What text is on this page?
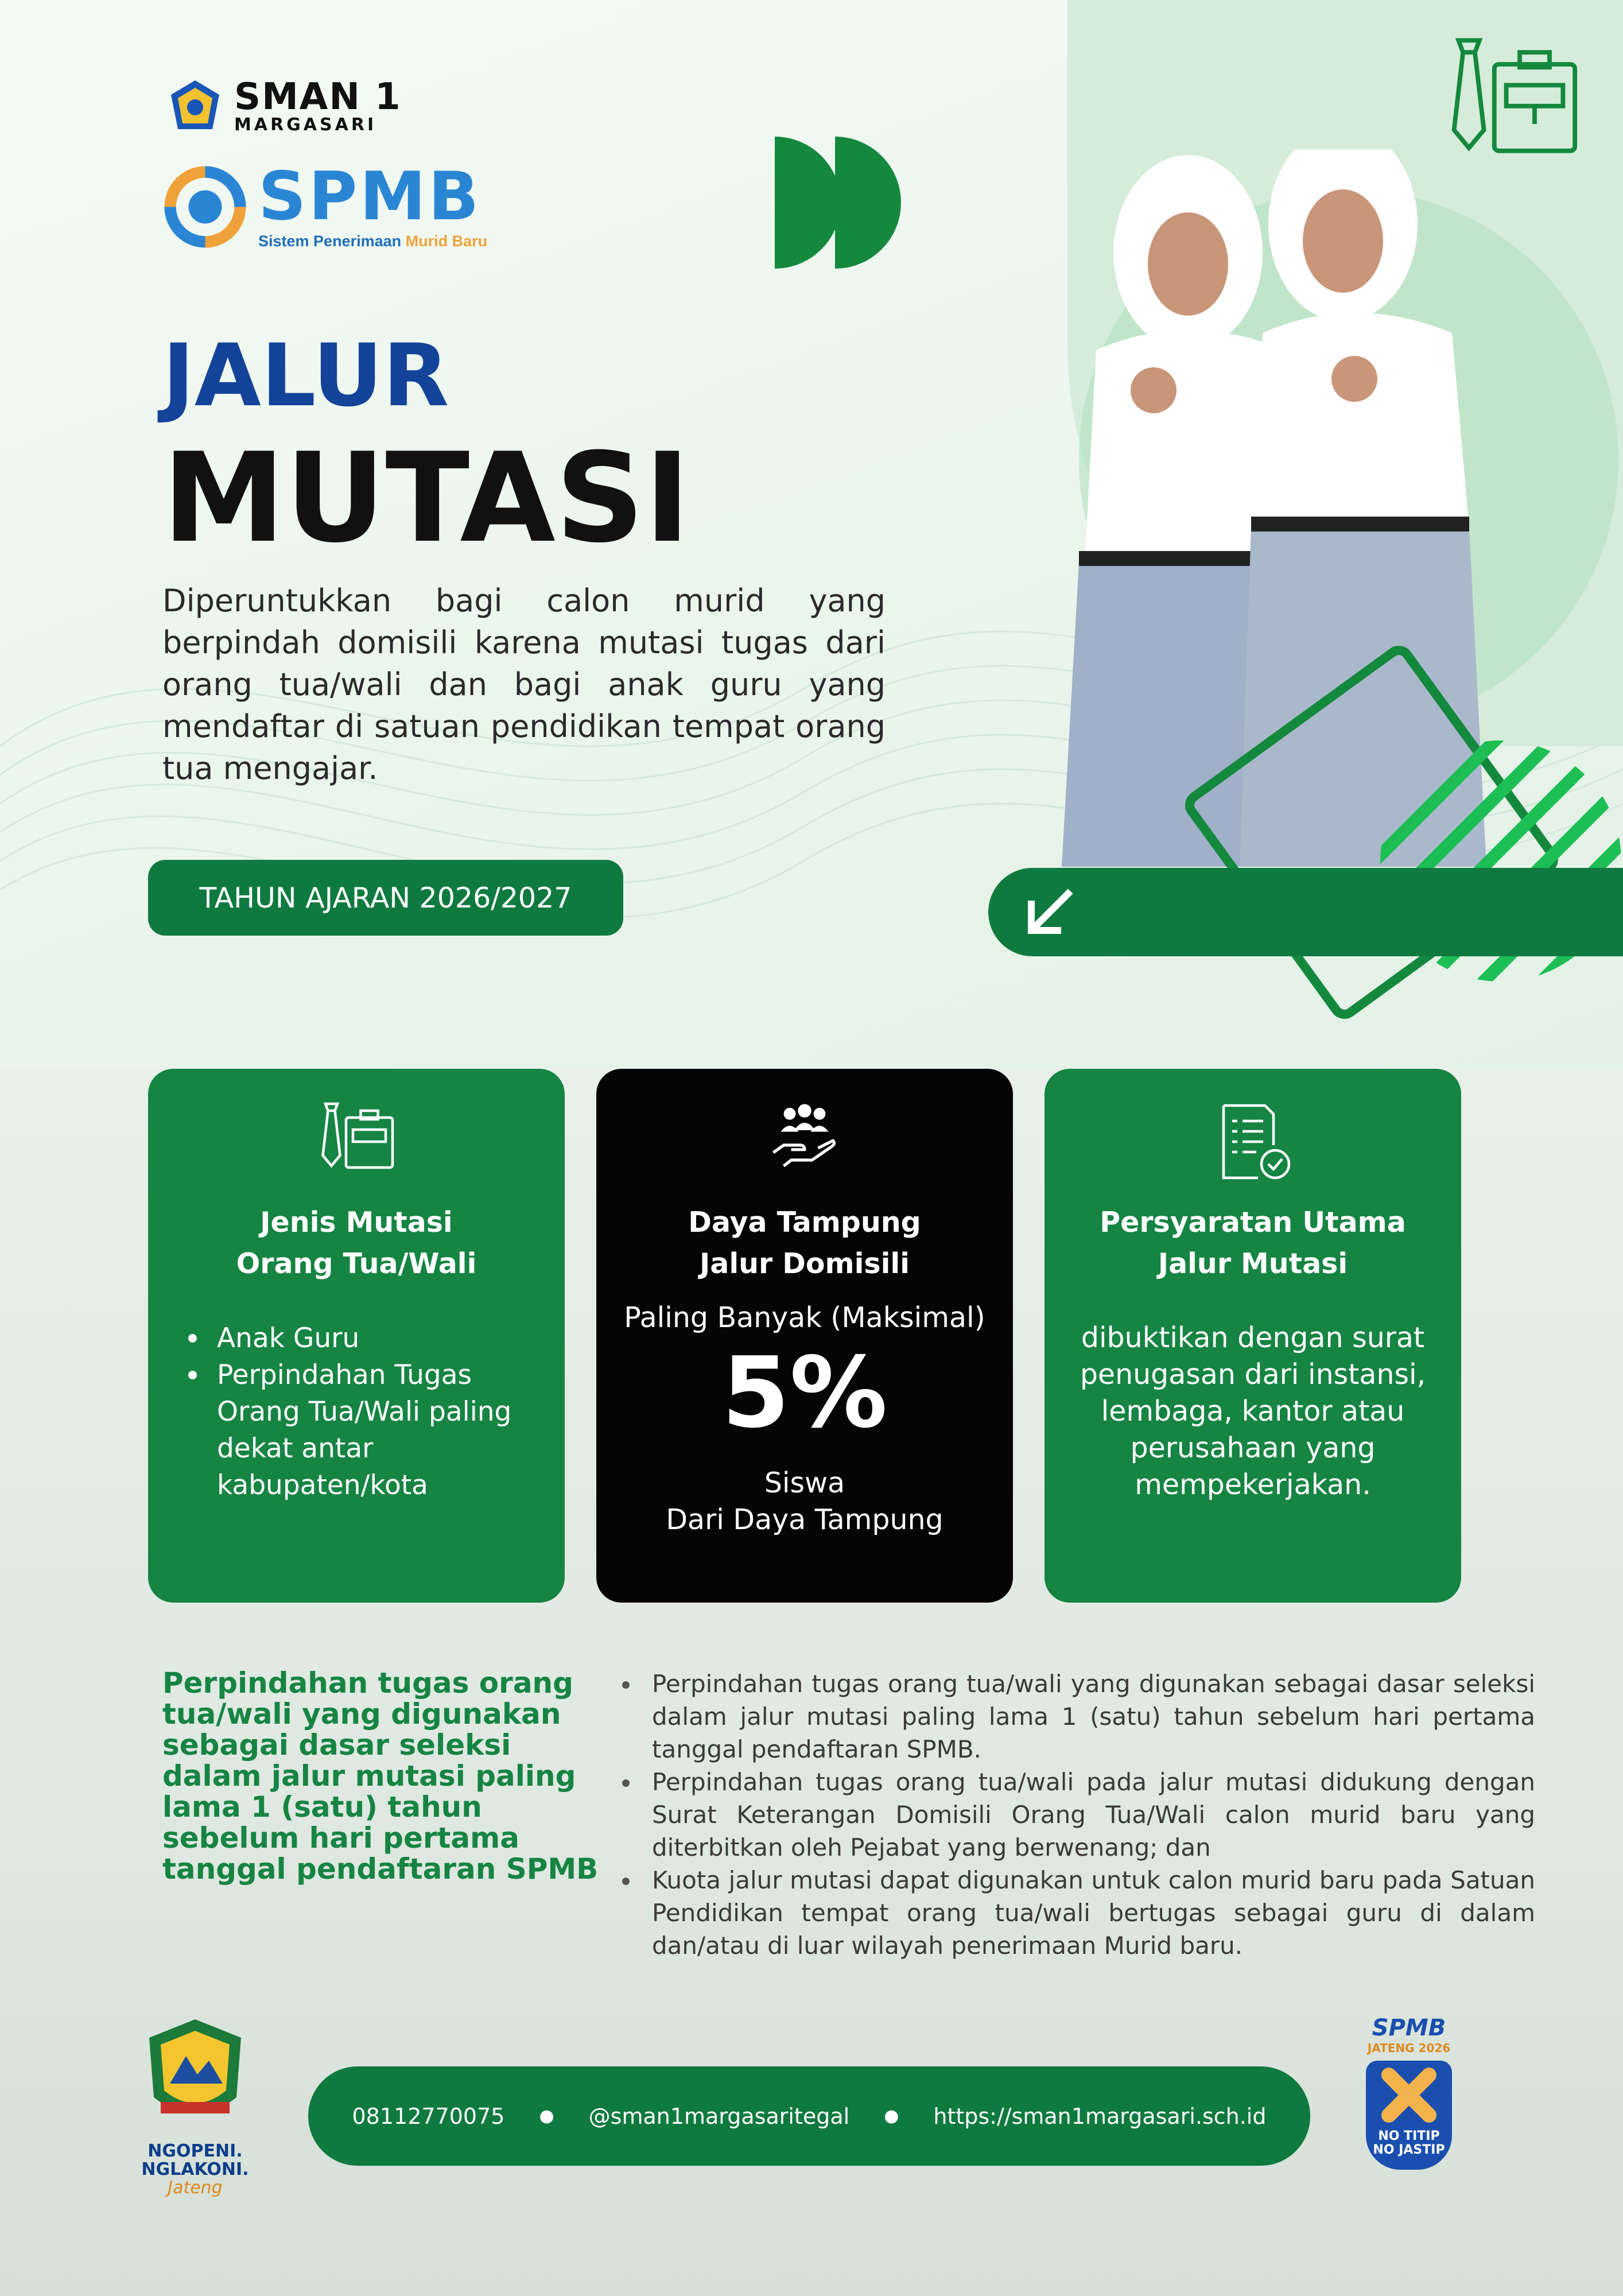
SMAN 1
MARGASARI
SPMB
Sistem Penerimaan Murid Baru
JALUR
MUTASI
Diperuntukkan bagi calon murid yang berpindah domisili karena mutasi tugas dari orang tua/wali dan bagi anak guru yang mendaftar di satuan pendidikan tempat orang tua mengajar.
TAHUN AJARAN 2026/2027
Jenis Mutasi
Orang Tua/Wali
Anak Guru
Perpindahan Tugas Orang Tua/Wali paling dekat antar kabupaten/kota
Daya Tampung
Jalur Domisili
Paling Banyak (Maksimal)
5%
Siswa
Dari Daya Tampung
Persyaratan Utama
Jalur Mutasi
dibuktikan dengan surat penugasan dari instansi, lembaga, kantor atau perusahaan yang mempekerjakan.
Perpindahan tugas orang tua/wali yang digunakan sebagai dasar seleksi dalam jalur mutasi paling lama 1 (satu) tahun sebelum hari pertama tanggal pendaftaran SPMB
Perpindahan tugas orang tua/wali yang digunakan sebagai dasar seleksi dalam jalur mutasi paling lama 1 (satu) tahun sebelum hari pertama tanggal pendaftaran SPMB.
Perpindahan tugas orang tua/wali pada jalur mutasi didukung dengan Surat Keterangan Domisili Orang Tua/Wali calon murid baru yang diterbitkan oleh Pejabat yang berwenang; dan
Kuota jalur mutasi dapat digunakan untuk calon murid baru pada Satuan Pendidikan tempat orang tua/wali bertugas sebagai guru di dalam dan/atau di luar wilayah penerimaan Murid baru.
NGOPENI.
NGLAKONI.
Jateng
08112770075 ● @sman1margasaritegal ● https://sman1margasari.sch.id
SPMB
JATENG 2026
NO TITIP
NO JASTIP
